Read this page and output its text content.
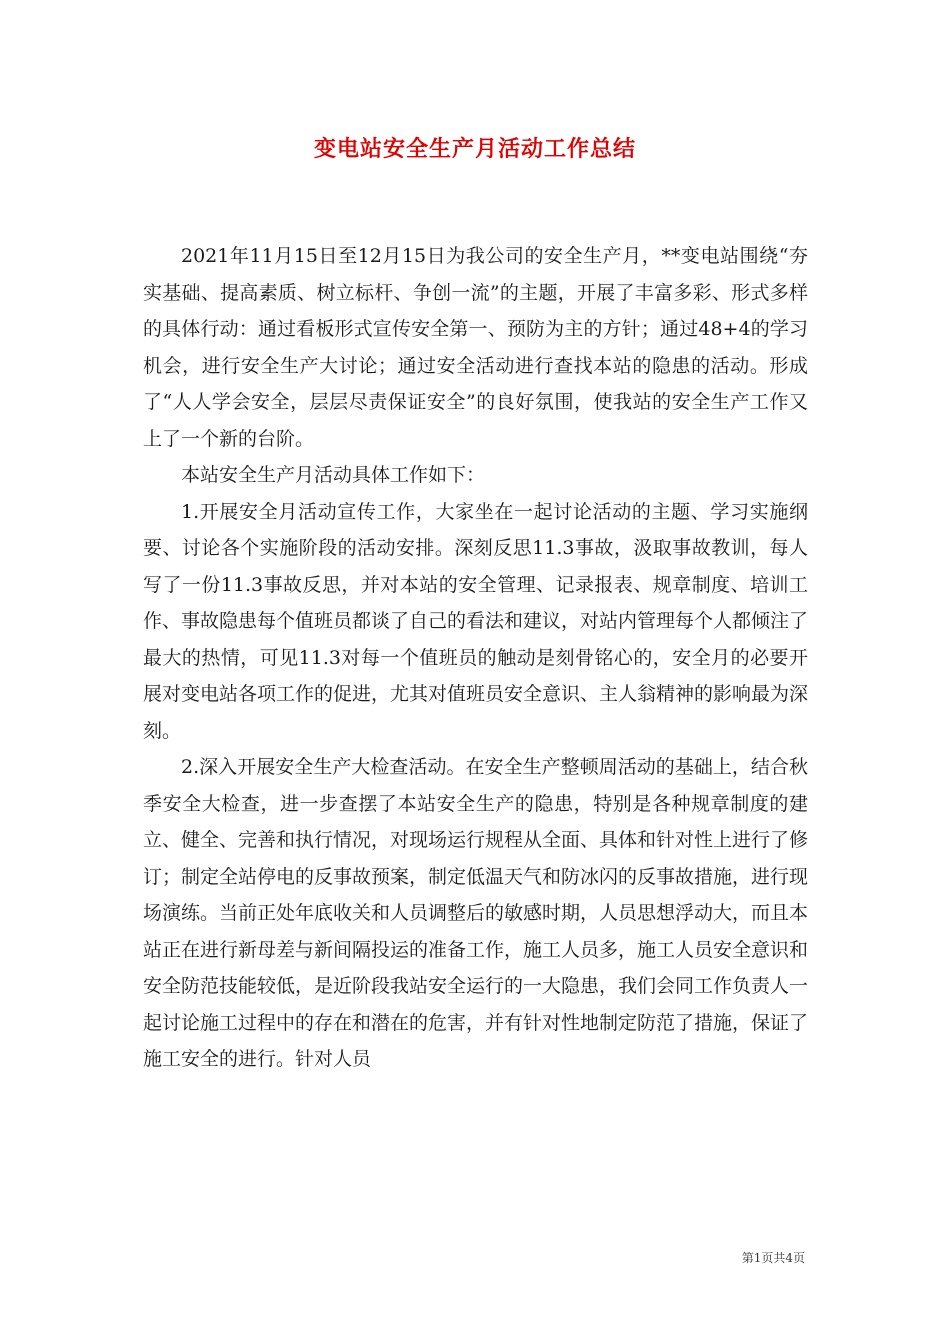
变电站安全生产月活动工作总结

2021年11月15日至12月15日为我公司的安全生产月，**变电站围绕“夯实基础、提高素质、树立标杆、争创一流”的主题，开展了丰富多彩、形式多样的具体行动：通过看板形式宣传安全第一、预防为主的方针；通过48+4的学习机会，进行安全生产大讨论；通过安全活动进行查找本站的隐患的活动。形成了“人人学会安全，层层尽责保证安全”的良好氛围，使我站的安全生产工作又上了一个新的台阶。

本站安全生产月活动具体工作如下：

1.开展安全月活动宣传工作，大家坐在一起讨论活动的主题、学习实施纲要、讨论各个实施阶段的活动安排。深刻反思11.3事故，汲取事故教训，每人写了一份11.3事故反思，并对本站的安全管理、记录报表、规章制度、培训工作、事故隐患每个值班员都谈了自己的看法和建议，对站内管理每个人都倾注了最大的热情，可见11.3对每一个值班员的触动是刻骨铭心的，安全月的必要开展对变电站各项工作的促进，尤其对值班员安全意识、主人翁精神的影响最为深刻。

2.深入开展安全生产大检查活动。在安全生产整顿周活动的基础上，结合秋季安全大检查，进一步查摆了本站安全生产的隐患，特别是各种规章制度的建立、健全、完善和执行情况，对现场运行规程从全面、具体和针对性上进行了修订；制定全站停电的反事故预案，制定低温天气和防冰闪的反事故措施，进行现场演练。当前正处年底收关和人员调整后的敏感时期，人员思想浮动大，而且本站正在进行新母差与新间隔投运的准备工作，施工人员多，施工人员安全意识和安全防范技能较低，是近阶段我站安全运行的一大隐患，我们会同工作负责人一起讨论施工过程中的存在和潜在的危害，并有针对性地制定防范了措施，保证了施工安全的进行。针对人员

第1页共4页
